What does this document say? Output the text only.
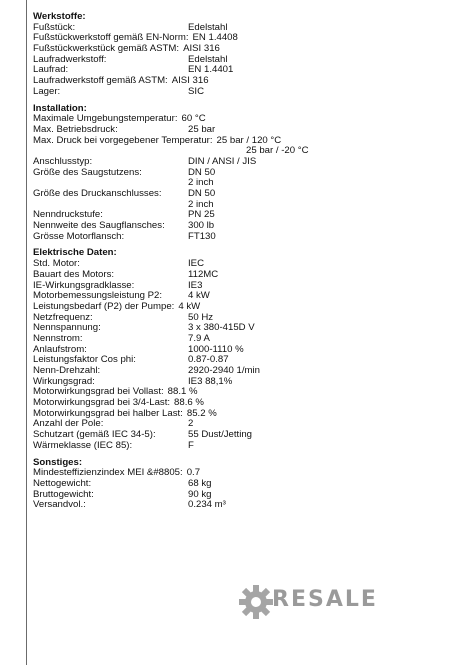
Werkstoffe:
Fußstück:	Edelstahl
Fußstückwerkstoff gemäß EN-Norm: EN 1.4408
Fußstückwerkstück gemäß ASTM: AISI 316
Laufradwerkstoff:	Edelstahl
Laufrad:	EN 1.4401
Laufradwerkstoff gemäß ASTM: AISI 316
Lager:	SIC
Installation:
Maximale Umgebungstemperatur: 60 °C
Max. Betriebsdruck:	25 bar
Max. Druck bei vorgegebener Temperatur: 25 bar / 120 °C
25 bar / -20 °C
Anschlusstyp:	DIN / ANSI / JIS
Größe des Saugstutzens:	DN 50
2 inch
Größe des Druckanschlusses:	DN 50
2 inch
Nenndruckstufe:	PN 25
Nennweite des Saugflansches: 300 lb
Grösse Motorflansch:	FT130
Elektrische Daten:
Std. Motor:	IEC
Bauart des Motors:	112MC
IE-Wirkungsgradklasse:	IE3
Motorbemessungsleistung P2:	4 kW
Leistungsbedarf (P2) der Pumpe: 4 kW
Netzfrequenz:	50 Hz
Nennspannung:	3 x 380-415D V
Nennstrom:	7.9 A
Anlaufstrom:	1000-1110 %
Leistungsfaktor Cos phi:	0.87-0.87
Nenn-Drehzahl:	2920-2940 1/min
Wirkungsgrad:	IE3 88,1%
Motorwirkungsgrad bei Vollast: 88.1 %
Motorwirkungsgrad bei 3/4-Last: 88.6 %
Motorwirkungsgrad bei halber Last: 85.2 %
Anzahl der Pole:	2
Schutzart (gemäß IEC 34-5):	55 Dust/Jetting
Wärmeklasse (IEC 85):	F
Sonstiges:
Mindesteffizienzindex MEI &#8805: 0.7
Nettogewicht:	68 kg
Bruttogewicht:	90 kg
Versandvol.:	0.234 m³
RESALE
